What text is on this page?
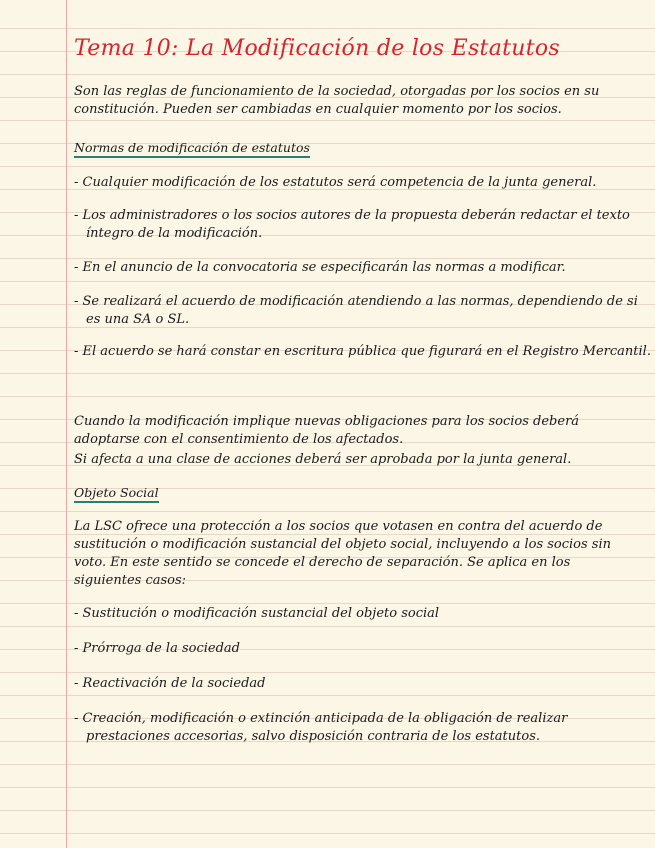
Tema 10: La Modificación de los Estatutos

Son las reglas de funcionamiento de la sociedad, otorgadas por los socios en su constitución. Pueden ser cambiadas en cualquier momento por los socios.

Normas de modificación de estatutos

- Cualquier modificación de los estatutos será competencia de la junta general.

- Los administradores o los socios autores de la propuesta deberán redactar el texto íntegro de la modificación.

- En el anuncio de la convocatoria se especificarán las normas a modificar.

- Se realizará el acuerdo de modificación atendiendo a las normas, dependiendo de si es una SA o SL.

- El acuerdo se hará constar en escritura pública que figurará en el Registro Mercantil.

Cuando la modificación implique nuevas obligaciones para los socios deberá adoptarse con el consentimiento de los afectados.

Si afecta a una clase de acciones deberá ser aprobada por la junta general.

Objeto Social

La LSC ofrece una protección a los socios que votasen en contra del acuerdo de sustitución o modificación sustancial del objeto social, incluyendo a los socios sin voto. En este sentido se concede el derecho de separación. Se aplica en los siguientes casos:

- Sustitución o modificación sustancial del objeto social

- Prórroga de la sociedad

- Reactivación de la sociedad

- Creación, modificación o extinción anticipada de la obligación de realizar prestaciones accesorias, salvo disposición contraria de los estatutos.
